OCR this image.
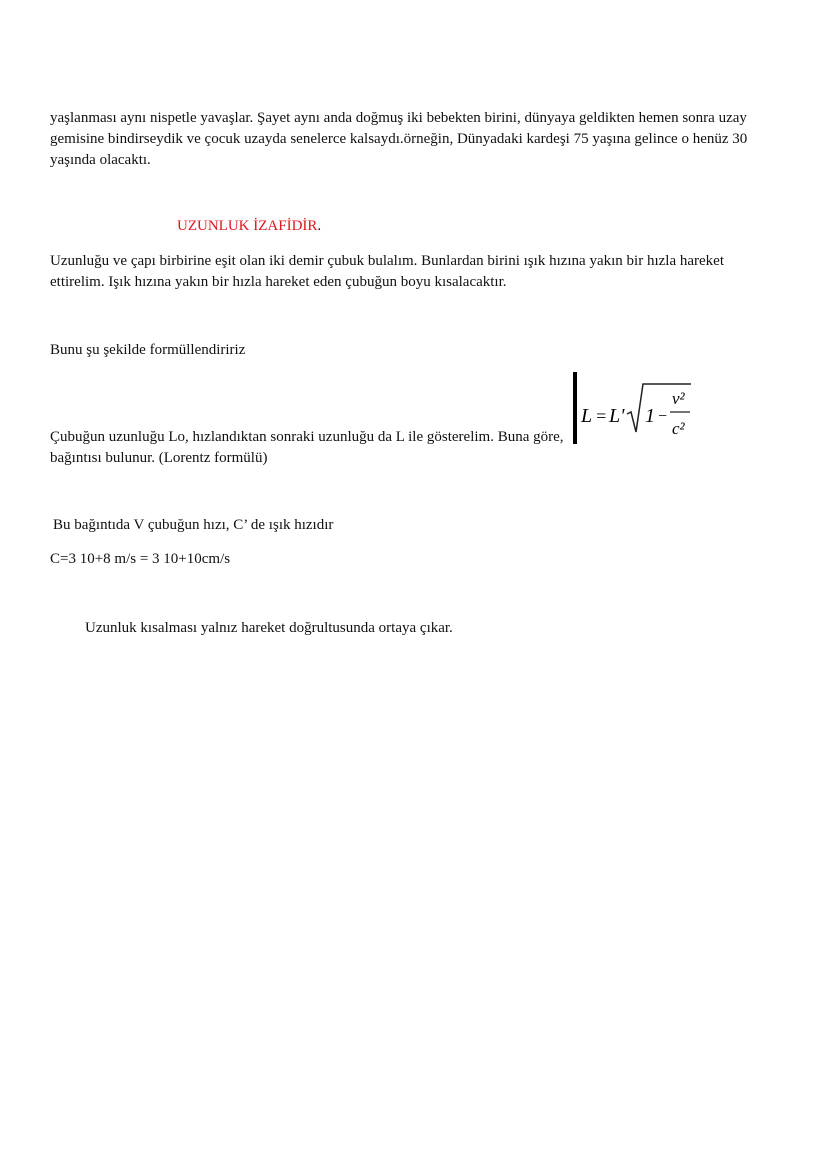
yaşlanması aynı nispetle yavaşlar. Şayet aynı anda doğmuş iki bebekten birini, dünyaya geldikten hemen sonra uzay
gemisine bindirseydik ve çocuk uzayda senelerce kalsaydı.örneğin, Dünyadaki kardeşi 75 yaşına gelince o henüz 30
yaşında olacaktı.
UZUNLUK İZAFİDİR.
Uzunluğu ve çapı birbirine eşit olan iki demir çubuk bulalım. Bunlardan birini ışık hızına yakın bir hızla hareket
ettirelim. Işık hızına yakın bir hızla hareket eden çubuğun boyu kısalacaktır.
Bunu şu şekilde formüllendiririz
L = L' 1 −
v²
c²
Çubuğun uzunluğu Lo, hızlandıktan sonraki uzunluğu da L ile gösterelim. Buna göre,
bağıntısı bulunur. (Lorentz formülü)
Bu bağıntıda V çubuğun hızı, C’ de ışık hızıdır
C=3 10+8 m/s = 3 10+10cm/s
Uzunluk kısalması yalnız hareket doğrultusunda ortaya çıkar.
